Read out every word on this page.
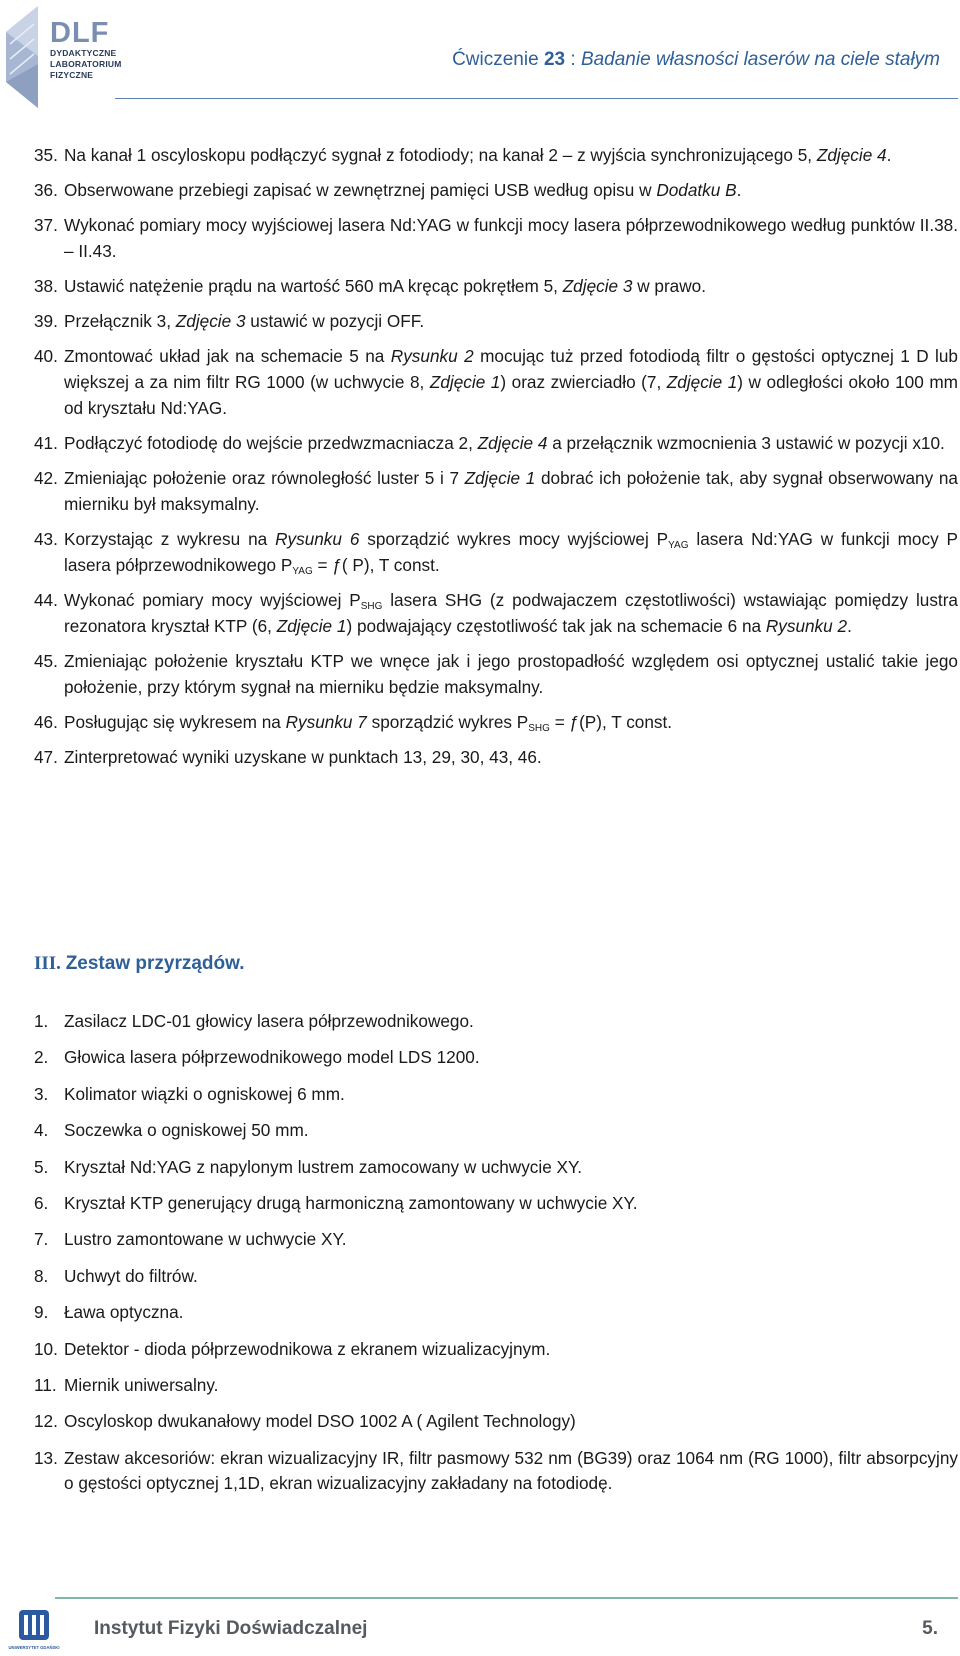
DLF
DYDAKTYCZNE
LABORATORIUM
FIZYCZNE
Ćwiczenie 23 : Badanie własności laserów na ciele stałym
35. Na kanał 1 oscyloskopu podłączyć sygnał z fotodiody; na kanał 2 – z wyjścia synchronizującego 5, Zdjęcie 4.
36. Obserwowane przebiegi zapisać w zewnętrznej pamięci USB według opisu w Dodatku B.
37. Wykonać pomiary mocy wyjściowej lasera Nd:YAG w funkcji mocy lasera półprzewodnikowego według punktów II.38. – II.43.
38. Ustawić natężenie prądu na wartość 560 mA kręcąc pokrętłem 5, Zdjęcie 3 w prawo.
39. Przełącznik 3, Zdjęcie 3 ustawić w pozycji OFF.
40. Zmontować układ jak na schemacie 5 na Rysunku 2 mocując tuż przed fotodiodą filtr o gęstości optycznej 1 D lub większej a za nim filtr RG 1000 (w uchwycie 8, Zdjęcie 1) oraz zwierciadło (7, Zdjęcie 1) w odległości około 100 mm od kryształu Nd:YAG.
41. Podłączyć fotodiodę do wejście przedwzmacniacza 2, Zdjęcie 4 a przełącznik wzmocnienia 3 ustawić w pozycji x10.
42. Zmieniając położenie oraz równoległość luster 5 i 7 Zdjęcie 1 dobrać ich położenie tak, aby sygnał obserwowany na mierniku był maksymalny.
43. Korzystając z wykresu na Rysunku 6 sporządzić wykres mocy wyjściowej $P_{YAG}$ lasera Nd:YAG w funkcji mocy P lasera półprzewodnikowego $P_{YAG}$ = ƒ( P), T const.
44. Wykonać pomiary mocy wyjściowej $P_{SHG}$ lasera SHG (z podwajaczem częstotliwości) wstawiając pomiędzy lustra rezonatora kryształ KTP (6, Zdjęcie 1) podwajający częstotliwość tak jak na schemacie 6 na Rysunku 2.
45. Zmieniając położenie kryształu KTP we wnęce jak i jego prostopadłość względem osi optycznej ustalić takie jego położenie, przy którym sygnał na mierniku będzie maksymalny.
46. Posługując się wykresem na Rysunku 7 sporządzić wykres $P_{SHG}$ = ƒ(P), T const.
47. Zinterpretować wyniki uzyskane w punktach 13, 29, 30, 43, 46.
III. Zestaw przyrządów.
1. Zasilacz LDC-01 głowicy lasera półprzewodnikowego.
2. Głowica lasera półprzewodnikowego model LDS 1200.
3. Kolimator wiązki o ogniskowej 6 mm.
4. Soczewka o ogniskowej 50 mm.
5. Kryształ Nd:YAG z napylonym lustrem zamocowany w uchwycie XY.
6. Kryształ KTP generujący drugą harmoniczną zamontowany w uchwycie XY.
7. Lustro zamontowane w uchwycie XY.
8. Uchwyt do filtrów.
9. Ława optyczna.
10. Detektor - dioda półprzewodnikowa z ekranem wizualizacyjnym.
11. Miernik uniwersalny.
12. Oscyloskop dwukanałowy model DSO 1002 A ( Agilent Technology)
13. Zestaw akcesoriów: ekran wizualizacyjny IR, filtr pasmowy 532 nm (BG39) oraz 1064 nm (RG 1000), filtr absorpcyjny o gęstości optycznej 1,1D, ekran wizualizacyjny zakładany na fotodiodę.
UNIWERSYTET GDAŃSKI
Instytut Fizyki Doświadczalnej	5.
